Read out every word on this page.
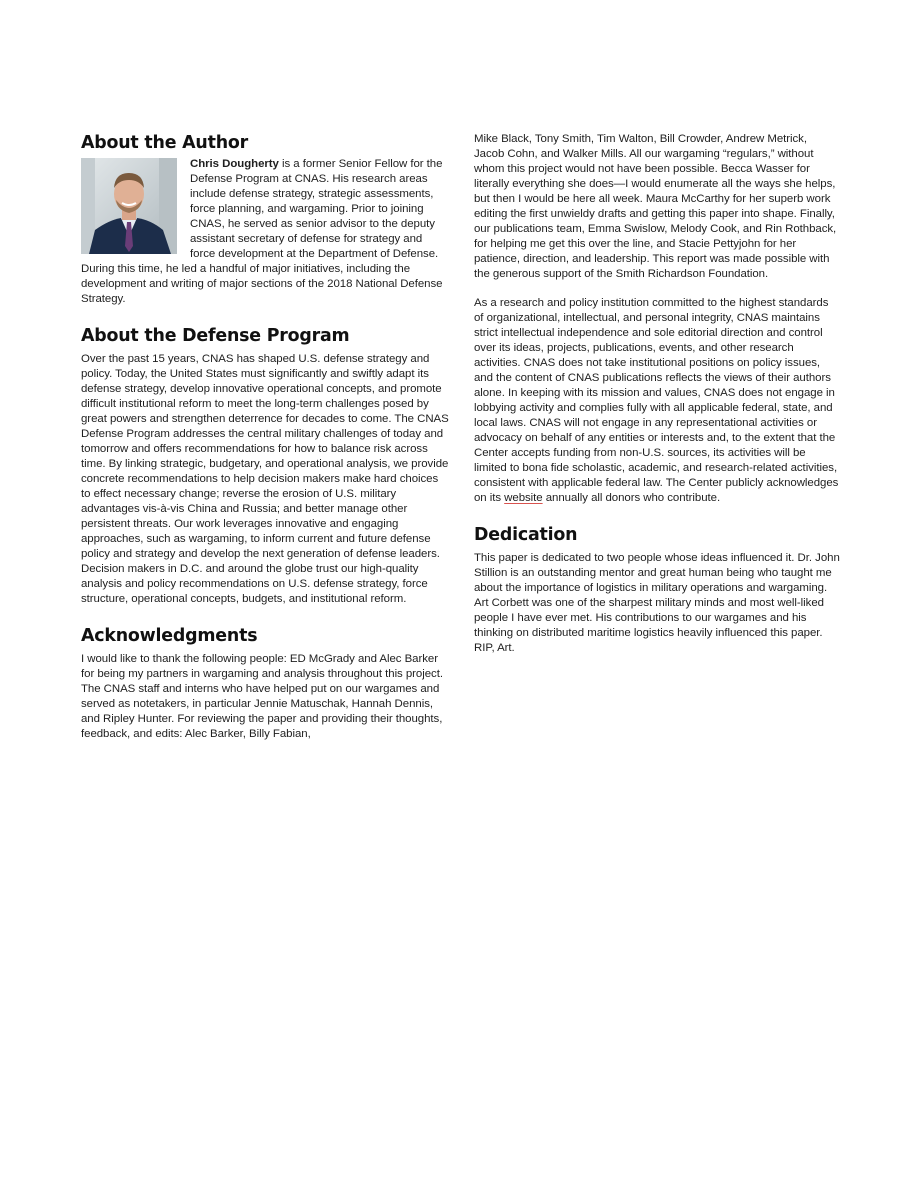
About the Author

Chris Dougherty is a former Senior Fellow for the Defense Program at CNAS. His research areas include defense strategy, strategic assessments, force planning, and wargaming. Prior to joining CNAS, he served as senior advisor to the deputy assistant secretary of defense for strategy and force development at the Department of Defense. During this time, he led a handful of major initiatives, including the development and writing of major sections of the 2018 National Defense Strategy.

About the Defense Program

Over the past 15 years, CNAS has shaped U.S. defense strategy and policy. Today, the United States must significantly and swiftly adapt its defense strategy, develop innovative operational concepts, and promote difficult institutional reform to meet the long-term challenges posed by great powers and strengthen deterrence for decades to come. The CNAS Defense Program addresses the central military challenges of today and tomorrow and offers recommendations for how to balance risk across time. By linking strategic, budgetary, and operational analysis, we provide concrete recommendations to help decision makers make hard choices to effect necessary change; reverse the erosion of U.S. military advantages vis-à-vis China and Russia; and better manage other persistent threats. Our work leverages innovative and engaging approaches, such as wargaming, to inform current and future defense policy and strategy and develop the next generation of defense leaders. Decision makers in D.C. and around the globe trust our high-quality analysis and policy recommendations on U.S. defense strategy, force structure, operational concepts, budgets, and institutional reform.

Acknowledgments

I would like to thank the following people: ED McGrady and Alec Barker for being my partners in wargaming and analysis throughout this project. The CNAS staff and interns who have helped put on our wargames and served as notetakers, in particular Jennie Matuschak, Hannah Dennis, and Ripley Hunter. For reviewing the paper and providing their thoughts, feedback, and edits: Alec Barker, Billy Fabian,

Mike Black, Tony Smith, Tim Walton, Bill Crowder, Andrew Metrick, Jacob Cohn, and Walker Mills. All our wargaming “regulars,” without whom this project would not have been possible. Becca Wasser for literally everything she does—I would enumerate all the ways she helps, but then I would be here all week. Maura McCarthy for her superb work editing the first unwieldy drafts and getting this paper into shape. Finally, our publications team, Emma Swislow, Melody Cook, and Rin Rothback, for helping me get this over the line, and Stacie Pettyjohn for her patience, direction, and leadership. This report was made possible with the generous support of the Smith Richardson Foundation.

As a research and policy institution committed to the highest standards of organizational, intellectual, and personal integrity, CNAS maintains strict intellectual independence and sole editorial direction and control over its ideas, projects, publications, events, and other research activities. CNAS does not take institutional positions on policy issues, and the content of CNAS publications reflects the views of their authors alone. In keeping with its mission and values, CNAS does not engage in lobbying activity and complies fully with all applicable federal, state, and local laws. CNAS will not engage in any representational activities or advocacy on behalf of any entities or interests and, to the extent that the Center accepts funding from non-U.S. sources, its activities will be limited to bona fide scholastic, academic, and research-related activities, consistent with applicable federal law. The Center publicly acknowledges on its website annually all donors who contribute.

Dedication

This paper is dedicated to two people whose ideas influenced it. Dr. John Stillion is an outstanding mentor and great human being who taught me about the importance of logistics in military operations and wargaming. Art Corbett was one of the sharpest military minds and most well-liked people I have ever met. His contributions to our wargames and his thinking on distributed maritime logistics heavily influenced this paper. RIP, Art.
